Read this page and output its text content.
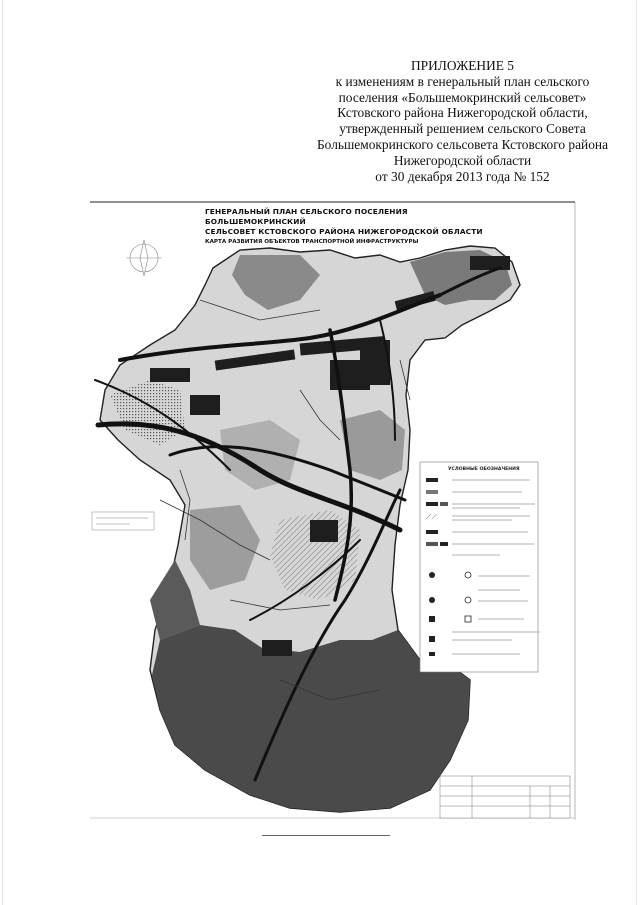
ПРИЛОЖЕНИЕ 5
к изменениям в генеральный план сельского
поселения «Большемокринский сельсовет»
Кстовского района Нижегородской области,
утвержденный решением сельского Совета
Большемокринского сельсовета Кстовского района
Нижегородской области
от 30 декабря 2013 года № 152
УСЛОВНЫЕ ОБОЗНАЧЕНИЯ
ГЕНЕРАЛЬНЫЙ ПЛАН СЕЛЬСКОГО ПОСЕЛЕНИЯ БОЛЬШЕМОКРИНСКИЙ
СЕЛЬСОВЕТ КСТОВСКОГО РАЙОНА НИЖЕГОРОДСКОЙ ОБЛАСТИ
КАРТА РАЗВИТИЯ ОБЪЕКТОВ ТРАНСПОРТНОЙ ИНФРАСТРУКТУРЫ
